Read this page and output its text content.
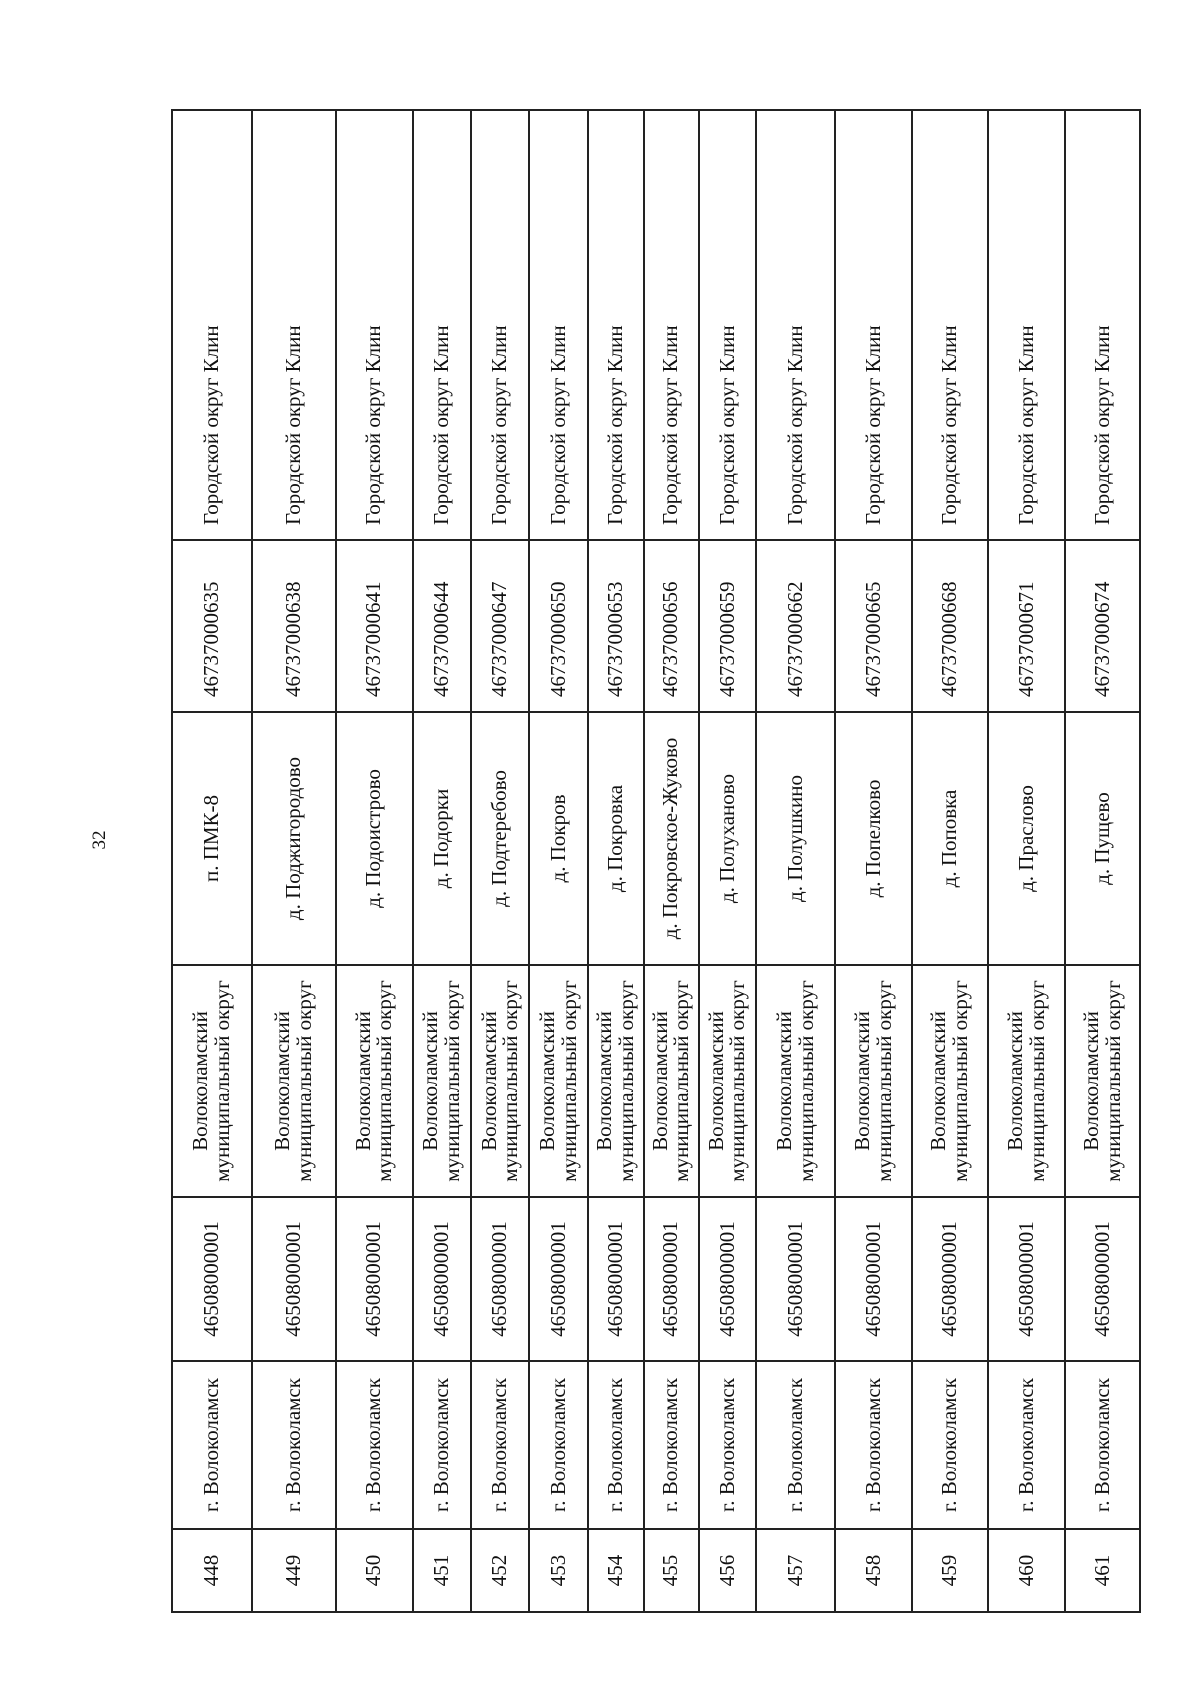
32
448	г. Волоколамск	46508000001	Волоколамский муниципальный округ	п. ПМК-8	46737000635	Городской округ Клин
449	г. Волоколамск	46508000001	Волоколамский муниципальный округ	д. Поджигородово	46737000638	Городской округ Клин
450	г. Волоколамск	46508000001	Волоколамский муниципальный округ	д. Подоистрово	46737000641	Городской округ Клин
451	г. Волоколамск	46508000001	Волоколамский муниципальный округ	д. Подорки	46737000644	Городской округ Клин
452	г. Волоколамск	46508000001	Волоколамский муниципальный округ	д. Подтеребово	46737000647	Городской округ Клин
453	г. Волоколамск	46508000001	Волоколамский муниципальный округ	д. Покров	46737000650	Городской округ Клин
454	г. Волоколамск	46508000001	Волоколамский муниципальный округ	д. Покровка	46737000653	Городской округ Клин
455	г. Волоколамск	46508000001	Волоколамский муниципальный округ	д. Покровское-Жуково	46737000656	Городской округ Клин
456	г. Волоколамск	46508000001	Волоколамский муниципальный округ	д. Полуханово	46737000659	Городской округ Клин
457	г. Волоколамск	46508000001	Волоколамский муниципальный округ	д. Полушкино	46737000662	Городской округ Клин
458	г. Волоколамск	46508000001	Волоколамский муниципальный округ	д. Попелково	46737000665	Городской округ Клин
459	г. Волоколамск	46508000001	Волоколамский муниципальный округ	д. Поповка	46737000668	Городской округ Клин
460	г. Волоколамск	46508000001	Волоколамский муниципальный округ	д. Праслово	46737000671	Городской округ Клин
461	г. Волоколамск	46508000001	Волоколамский муниципальный округ	д. Пущево	46737000674	Городской округ Клин
